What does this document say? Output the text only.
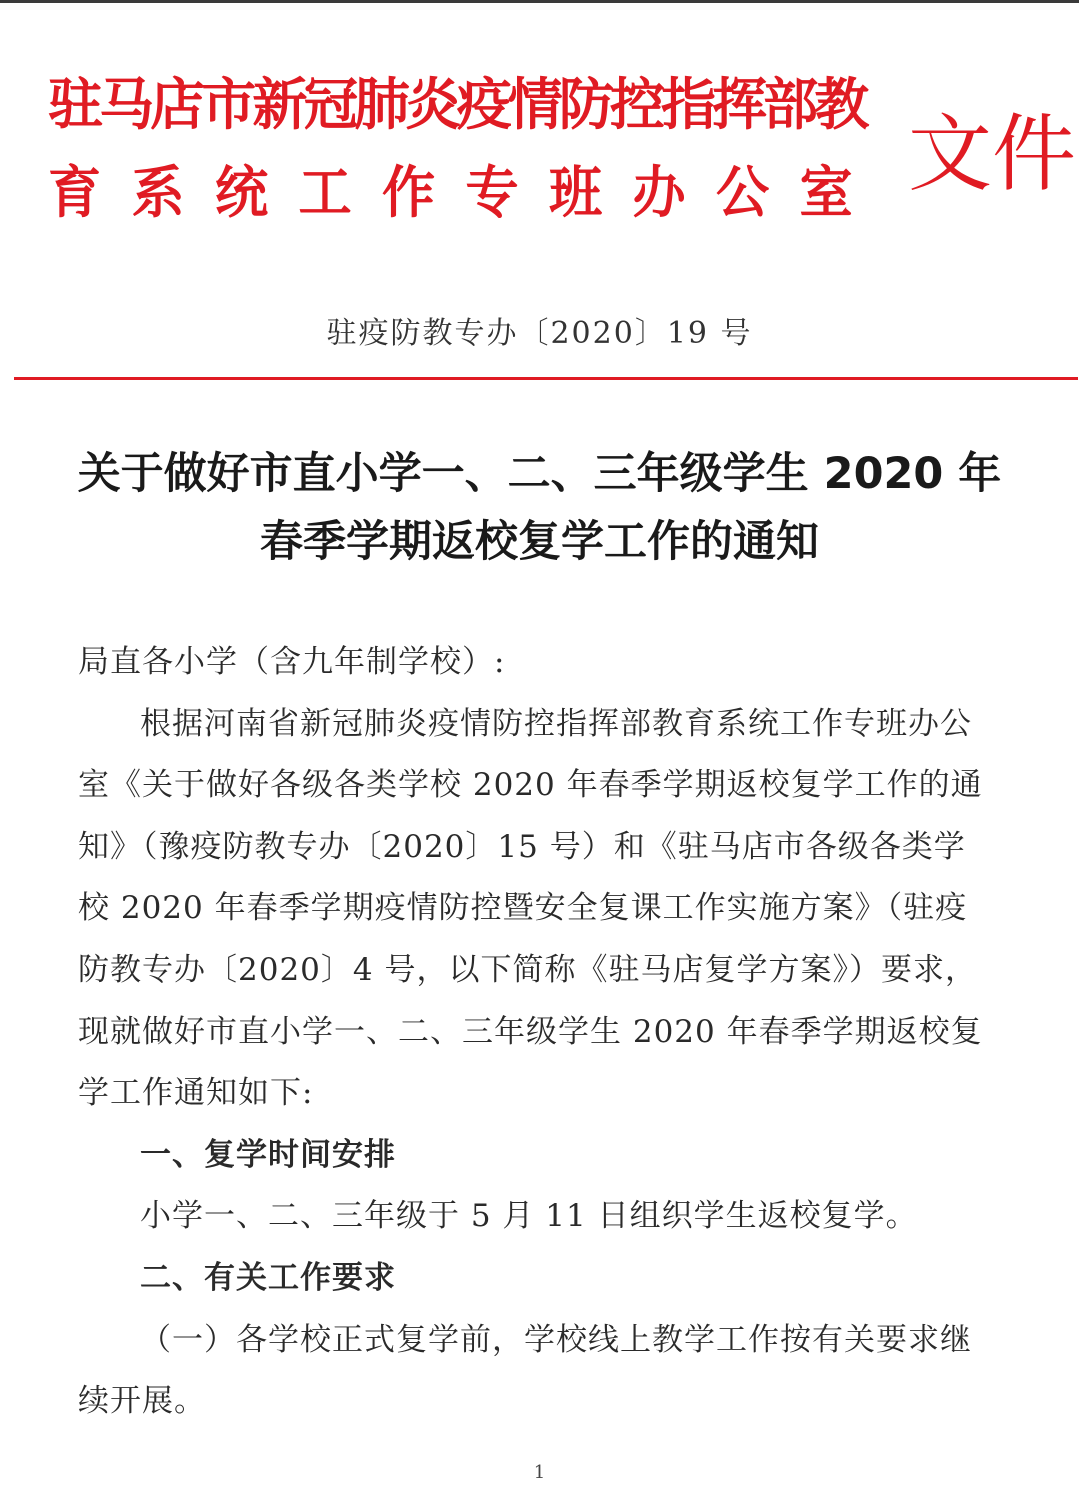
驻马店市新冠肺炎疫情防控指挥部教
育系统工作专班办公室 文件
驻疫防教专办〔2020〕19 号
关于做好市直小学一、二、三年级学生 2020 年
春季学期返校复学工作的通知

局直各小学（含九年制学校）:

根据河南省新冠肺炎疫情防控指挥部教育系统工作专班办公室《关于做好各级各类学校 2020 年春季学期返校复学工作的通知》（豫疫防教专办〔2020〕15 号）和《驻马店市各级各类学校 2020 年春季学期疫情防控暨安全复课工作实施方案》（驻疫防教专办〔2020〕4 号，以下简称《驻马店复学方案》）要求，现就做好市直小学一、二、三年级学生 2020 年春季学期返校复学工作通知如下:

一、复学时间安排

小学一、二、三年级于 5 月 11 日组织学生返校复学。

二、有关工作要求

（一）各学校正式复学前，学校线上教学工作按有关要求继续开展。

1
